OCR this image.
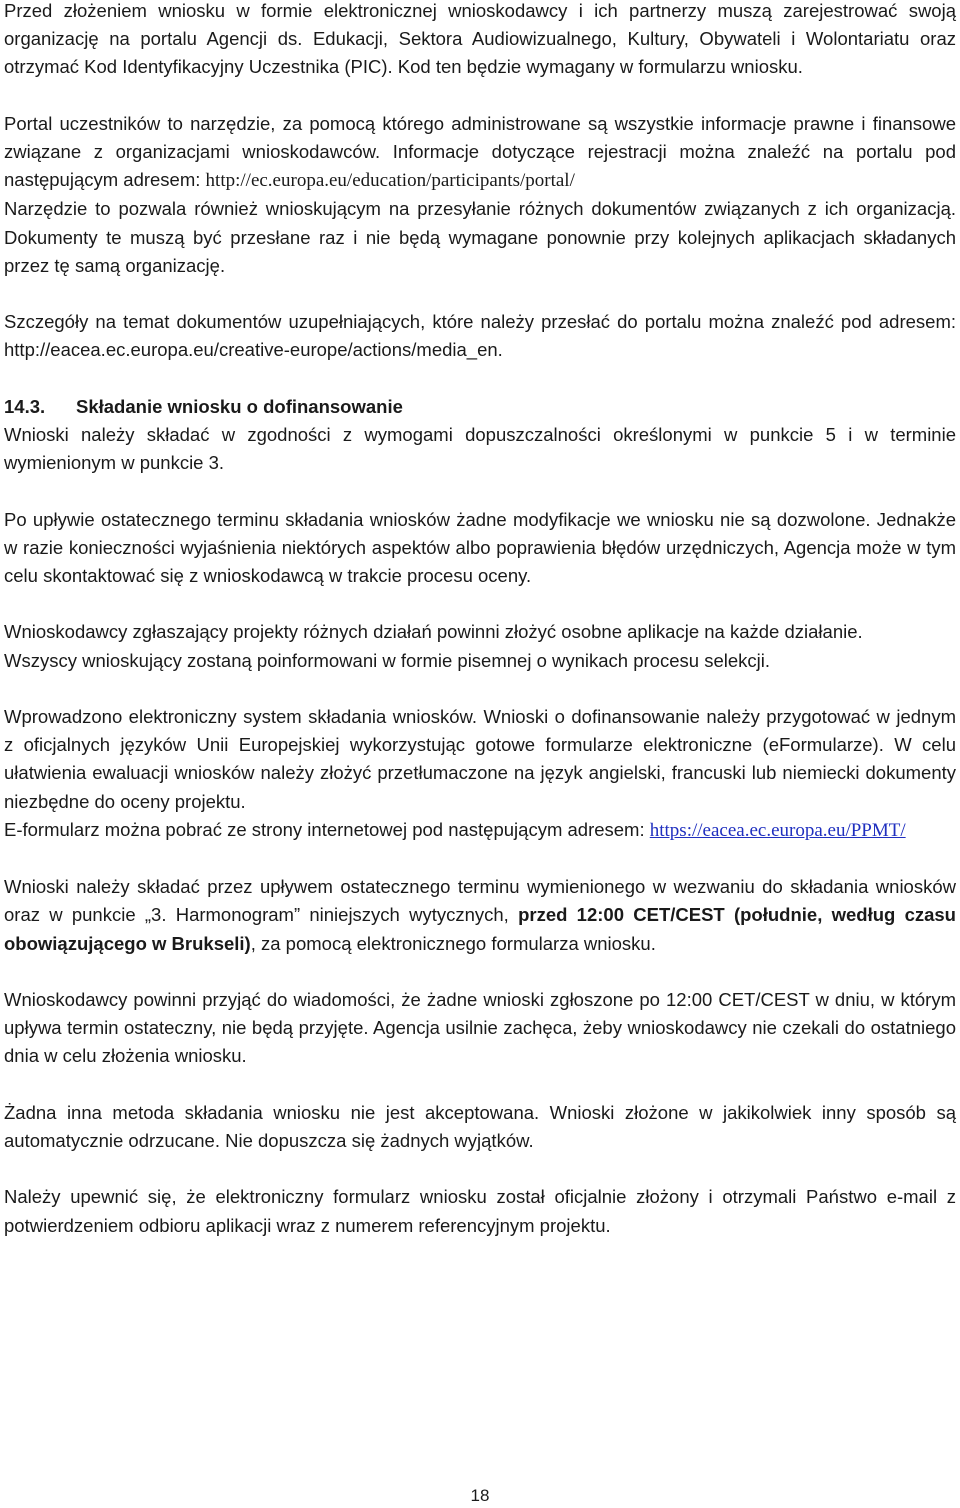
Przed złożeniem wniosku w formie elektronicznej wnioskodawcy i ich partnerzy muszą zarejestrować swoją organizację na portalu Agencji ds. Edukacji, Sektora Audiowizualnego, Kultury, Obywateli i Wolontariatu oraz otrzymać Kod Identyfikacyjny Uczestnika (PIC). Kod ten będzie wymagany w formularzu wniosku.

Portal uczestników to narzędzie, za pomocą którego administrowane są wszystkie informacje prawne i finansowe związane z organizacjami wnioskodawców. Informacje dotyczące rejestracji można znaleźć na portalu pod następującym adresem: http://ec.europa.eu/education/participants/portal/

Narzędzie to pozwala również wnioskującym na przesyłanie różnych dokumentów związanych z ich organizacją. Dokumenty te muszą być przesłane raz i nie będą wymagane ponownie przy kolejnych aplikacjach składanych przez tę samą organizację.

Szczegóły na temat dokumentów uzupełniających, które należy przesłać do portalu można znaleźć pod adresem: http://eacea.ec.europa.eu/creative-europe/actions/media_en.

14.3. Składanie wniosku o dofinansowanie

Wnioski należy składać w zgodności z wymogami dopuszczalności określonymi w punkcie 5 i w terminie wymienionym w punkcie 3.

Po upływie ostatecznego terminu składania wniosków żadne modyfikacje we wniosku nie są dozwolone. Jednakże w razie konieczności wyjaśnienia niektórych aspektów albo poprawienia błędów urzędniczych, Agencja może w tym celu skontaktować się z wnioskodawcą w trakcie procesu oceny.

Wnioskodawcy zgłaszający projekty różnych działań powinni złożyć osobne aplikacje na każde działanie.

Wszyscy wnioskujący zostaną poinformowani w formie pisemnej o wynikach procesu selekcji.

Wprowadzono elektroniczny system składania wniosków. Wnioski o dofinansowanie należy przygotować w jednym z oficjalnych języków Unii Europejskiej wykorzystując gotowe formularze elektroniczne (eFormularze). W celu ułatwienia ewaluacji wniosków należy złożyć przetłumaczone na język angielski, francuski lub niemiecki dokumenty niezbędne do oceny projektu.

E-formularz można pobrać ze strony internetowej pod następującym adresem: https://eacea.ec.europa.eu/PPMT/

Wnioski należy składać przez upływem ostatecznego terminu wymienionego w wezwaniu do składania wniosków oraz w punkcie „3. Harmonogram” niniejszych wytycznych, przed 12:00 CET/CEST (południe, według czasu obowiązującego w Brukseli), za pomocą elektronicznego formularza wniosku.

Wnioskodawcy powinni przyjąć do wiadomości, że żadne wnioski zgłoszone po 12:00 CET/CEST w dniu, w którym upływa termin ostateczny, nie będą przyjęte. Agencja usilnie zachęca, żeby wnioskodawcy nie czekali do ostatniego dnia w celu złożenia wniosku.

Żadna inna metoda składania wniosku nie jest akceptowana. Wnioski złożone w jakikolwiek inny sposób są automatycznie odrzucane. Nie dopuszcza się żadnych wyjątków.

Należy upewnić się, że elektroniczny formularz wniosku został oficjalnie złożony i otrzymali Państwo e-mail z potwierdzeniem odbioru aplikacji wraz z numerem referencyjnym projektu.

18
